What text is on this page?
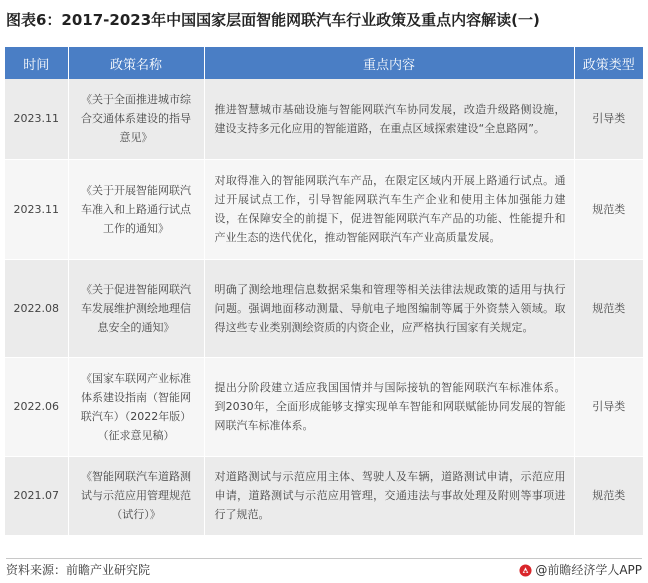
图表6：2017-2023年中国国家层面智能网联汽车行业政策及重点内容解读(一)
时间	政策名称	重点内容	政策类型
2023.11	《关于全面推进城市综合交通体系建设的指导意见》	推进智慧城市基础设施与智能网联汽车协同发展，改造升级路侧设施，建设支持多元化应用的智能道路，在重点区域探索建设“全息路网”。	引导类
2023.11	《关于开展智能网联汽车准入和上路通行试点工作的通知》	对取得准入的智能网联汽车产品，在限定区域内开展上路通行试点。通过开展试点工作，引导智能网联汽车生产企业和使用主体加强能力建设，在保障安全的前提下，促进智能网联汽车产品的功能、性能提升和产业生态的迭代优化，推动智能网联汽车产业高质量发展。	规范类
2022.08	《关于促进智能网联汽车发展维护测绘地理信息安全的通知》	明确了测绘地理信息数据采集和管理等相关法律法规政策的适用与执行问题。强调地面移动测量、导航电子地图编制等属于外资禁入领域。取得这些专业类别测绘资质的内资企业，应严格执行国家有关规定。	规范类
2022.06	《国家车联网产业标准体系建设指南（智能网联汽车）（2022年版）（征求意见稿）	提出分阶段建立适应我国国情并与国际接轨的智能网联汽车标准体系。到2030年，全面形成能够支撑实现单车智能和网联赋能协同发展的智能网联汽车标准体系。	引导类
2021.07	《智能网联汽车道路测试与示范应用管理规范（试行）》	对道路测试与示范应用主体、驾驶人及车辆，道路测试申请，示范应用申请，道路测试与示范应用管理，交通违法与事故处理及附则等事项进行了规范。	规范类
资料来源：前瞻产业研究院	@前瞻经济学人APP
